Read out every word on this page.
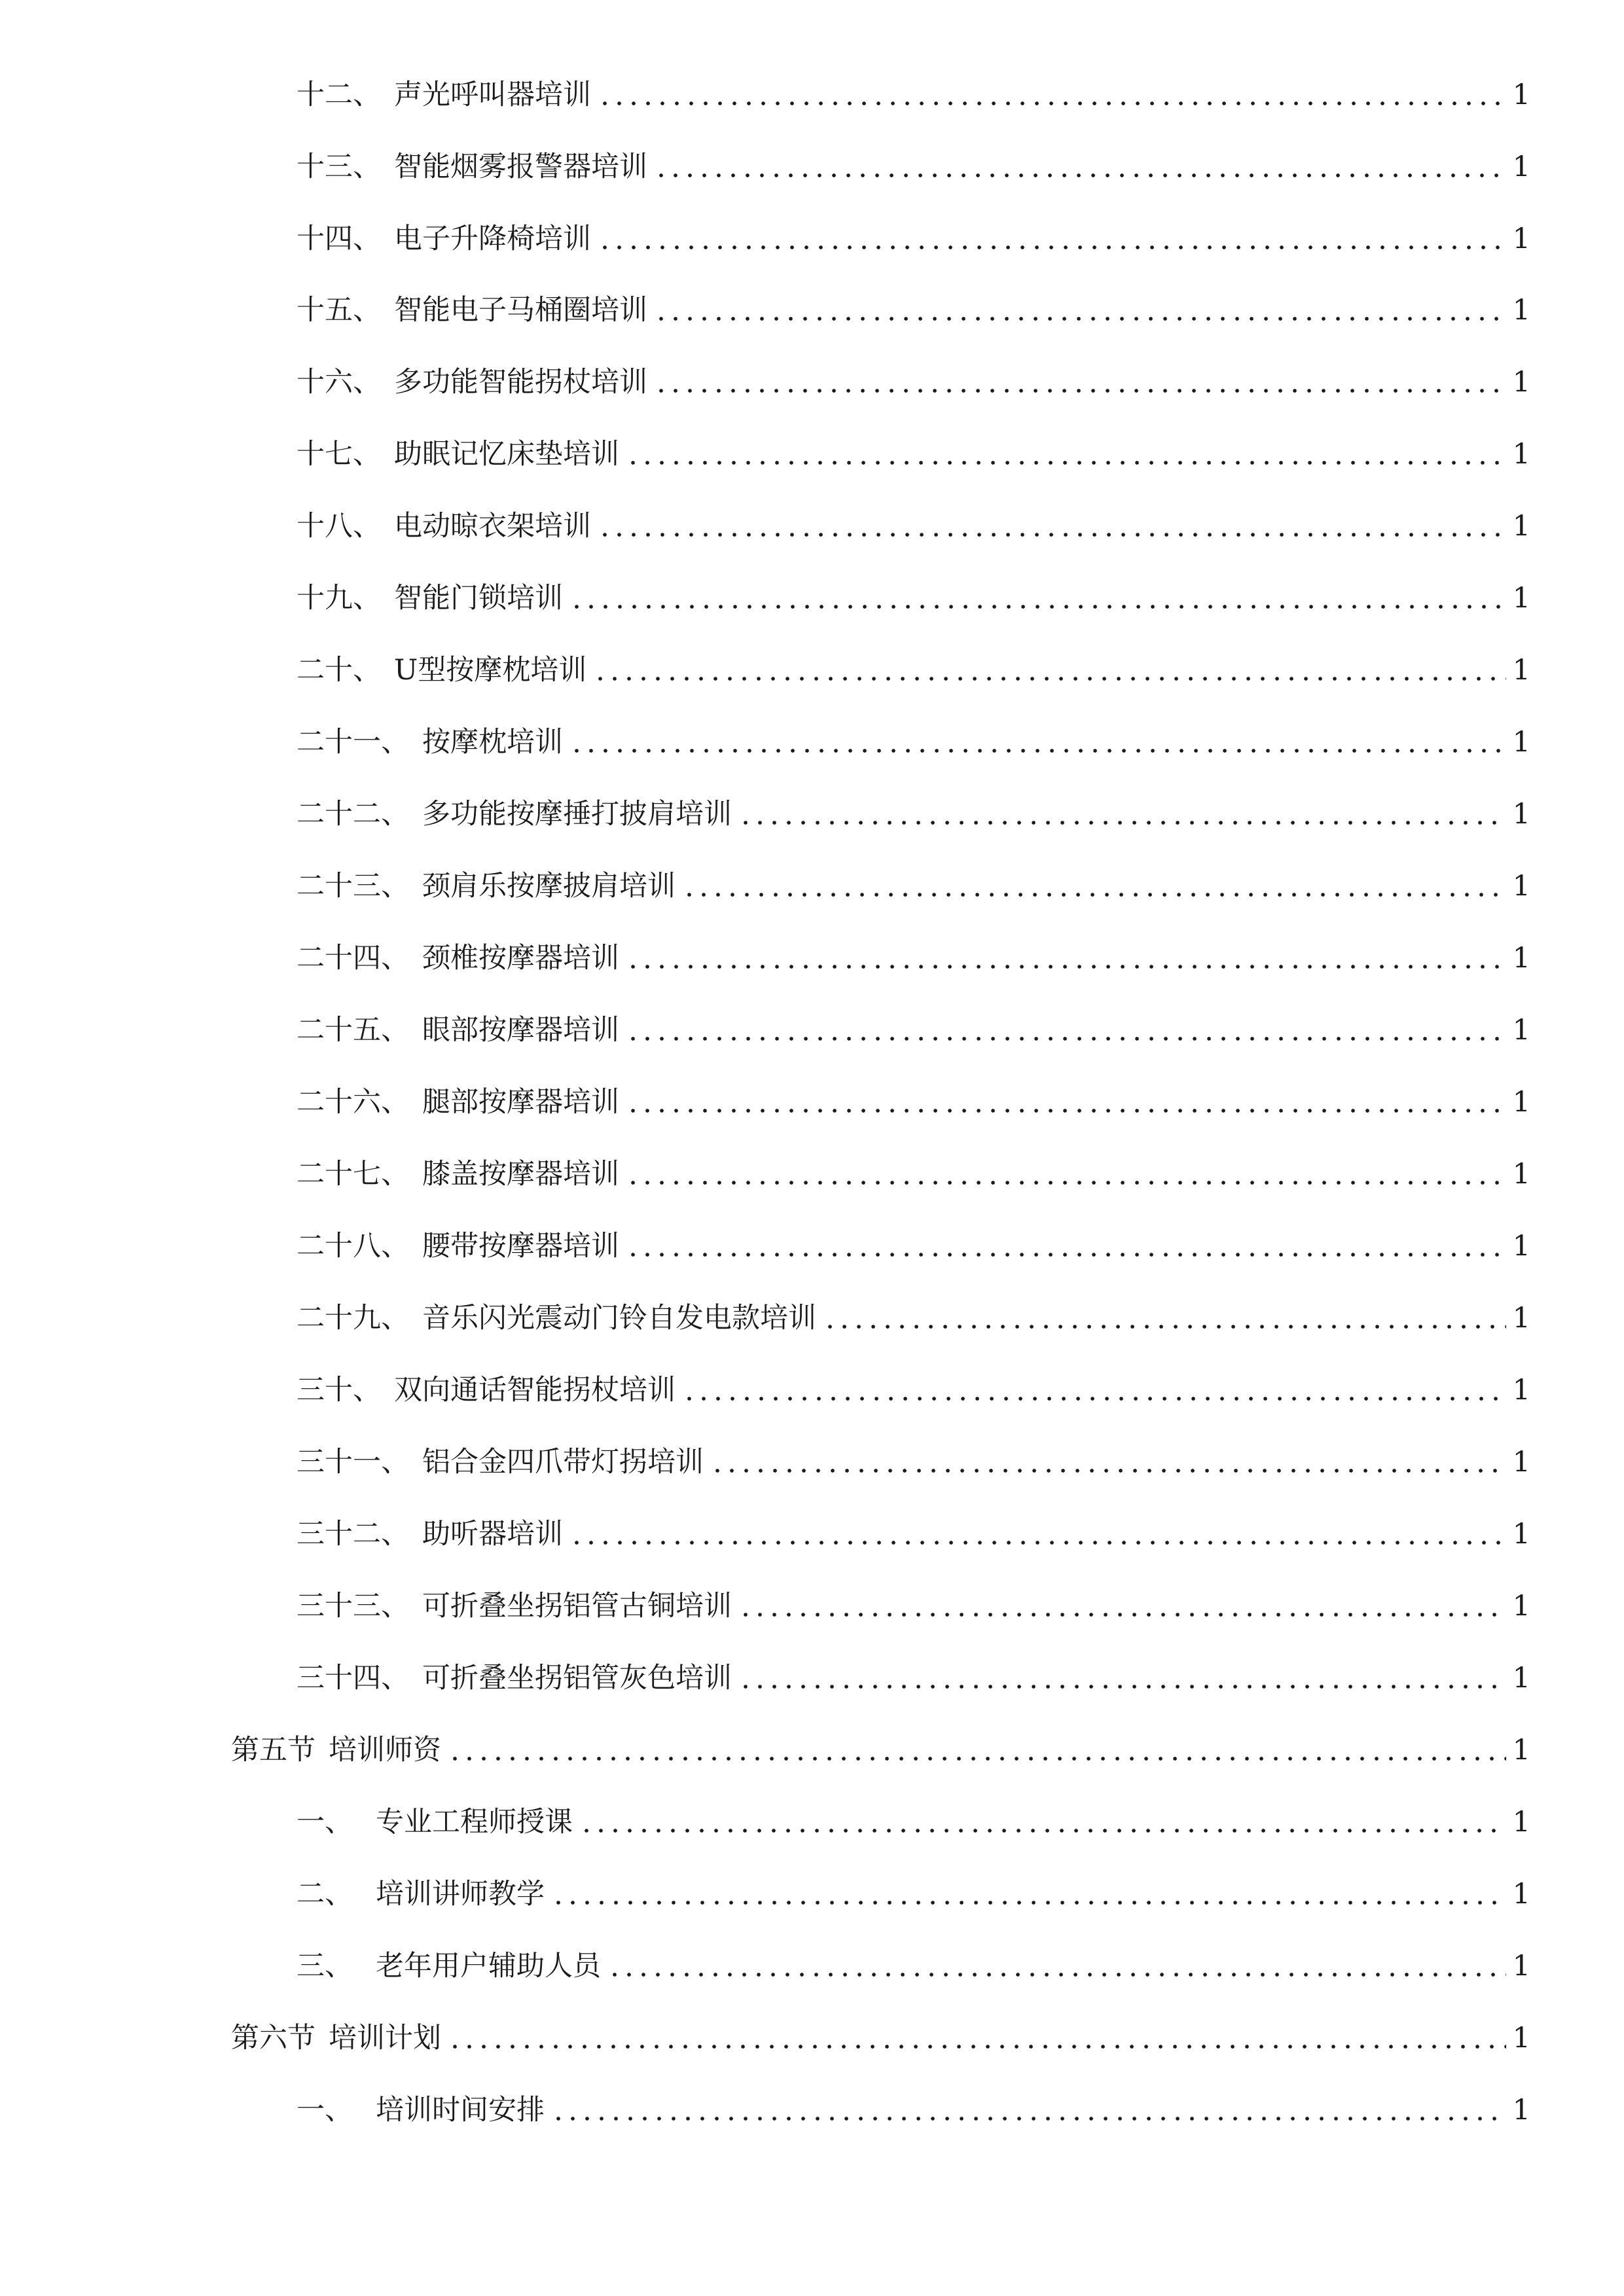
十二、 声光呼叫器培训	1
十三、 智能烟雾报警器培训	1
十四、 电子升降椅培训	1
十五、 智能电子马桶圈培训	1
十六、 多功能智能拐杖培训	1
十七、 助眠记忆床垫培训	1
十八、 电动晾衣架培训	1
十九、 智能门锁培训	1
二十、 U型按摩枕培训	1
二十一、 按摩枕培训	1
二十二、 多功能按摩捶打披肩培训	1
二十三、 颈肩乐按摩披肩培训	1
二十四、 颈椎按摩器培训	1
二十五、 眼部按摩器培训	1
二十六、 腿部按摩器培训	1
二十七、 膝盖按摩器培训	1
二十八、 腰带按摩器培训	1
二十九、 音乐闪光震动门铃自发电款培训	1
三十、 双向通话智能拐杖培训	1
三十一、 铝合金四爪带灯拐培训	1
三十二、 助听器培训	1
三十三、 可折叠坐拐铝管古铜培训	1
三十四、 可折叠坐拐铝管灰色培训	1
第五节 培训师资	1
一、 专业工程师授课	1
二、 培训讲师教学	1
三、 老年用户辅助人员	1
第六节 培训计划	1
一、 培训时间安排	1
